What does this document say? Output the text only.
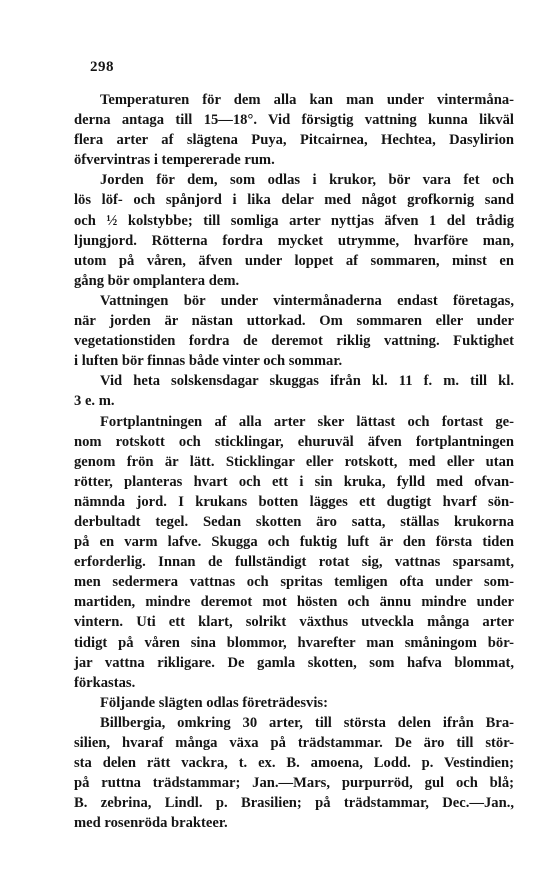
298
Temperaturen för dem alla kan man under vintermåna-
derna antaga till 15—18°. Vid försigtig vattning kunna likväl
flera arter af slägtena Puya, Pitcairnea, Hechtea, Dasylirion
öfvervintras i tempererade rum.
Jorden för dem, som odlas i krukor, bör vara fet och
lös löf- och spånjord i lika delar med något grofkornig sand
och ½ kolstybbe; till somliga arter nyttjas äfven 1 del trådig
ljungjord. Rötterna fordra mycket utrymme, hvarföre man,
utom på våren, äfven under loppet af sommaren, minst en
gång bör omplantera dem.
Vattningen bör under vintermånaderna endast företagas,
när jorden är nästan uttorkad. Om sommaren eller under
vegetationstiden fordra de deremot riklig vattning. Fuktighet
i luften bör finnas både vinter och sommar.
Vid heta solskensdagar skuggas ifrån kl. 11 f. m. till kl.
3 e. m.
Fortplantningen af alla arter sker lättast och fortast ge-
nom rotskott och sticklingar, ehuruväl äfven fortplantningen
genom frön är lätt. Sticklingar eller rotskott, med eller utan
rötter, planteras hvart och ett i sin kruka, fylld med ofvan-
nämnda jord. I krukans botten lägges ett dugtigt hvarf sön-
derbultadt tegel. Sedan skotten äro satta, ställas krukorna
på en varm lafve. Skugga och fuktig luft är den första tiden
erforderlig. Innan de fullständigt rotat sig, vattnas sparsamt,
men sedermera vattnas och spritas temligen ofta under som-
martiden, mindre deremot mot hösten och ännu mindre under
vintern. Uti ett klart, solrikt växthus utveckla många arter
tidigt på våren sina blommor, hvarefter man småningom bör-
jar vattna rikligare. De gamla skotten, som hafva blommat,
förkastas.
Följande slägten odlas företrädesvis:
Billbergia, omkring 30 arter, till största delen ifrån Bra-
silien, hvaraf många växa på trädstammar. De äro till stör-
sta delen rätt vackra, t. ex. B. amoena, Lodd. p. Vestindien;
på ruttna trädstammar; Jan.—Mars, purpurröd, gul och blå;
B. zebrina, Lindl. p. Brasilien; på trädstammar, Dec.—Jan.,
med rosenröda brakteer.
